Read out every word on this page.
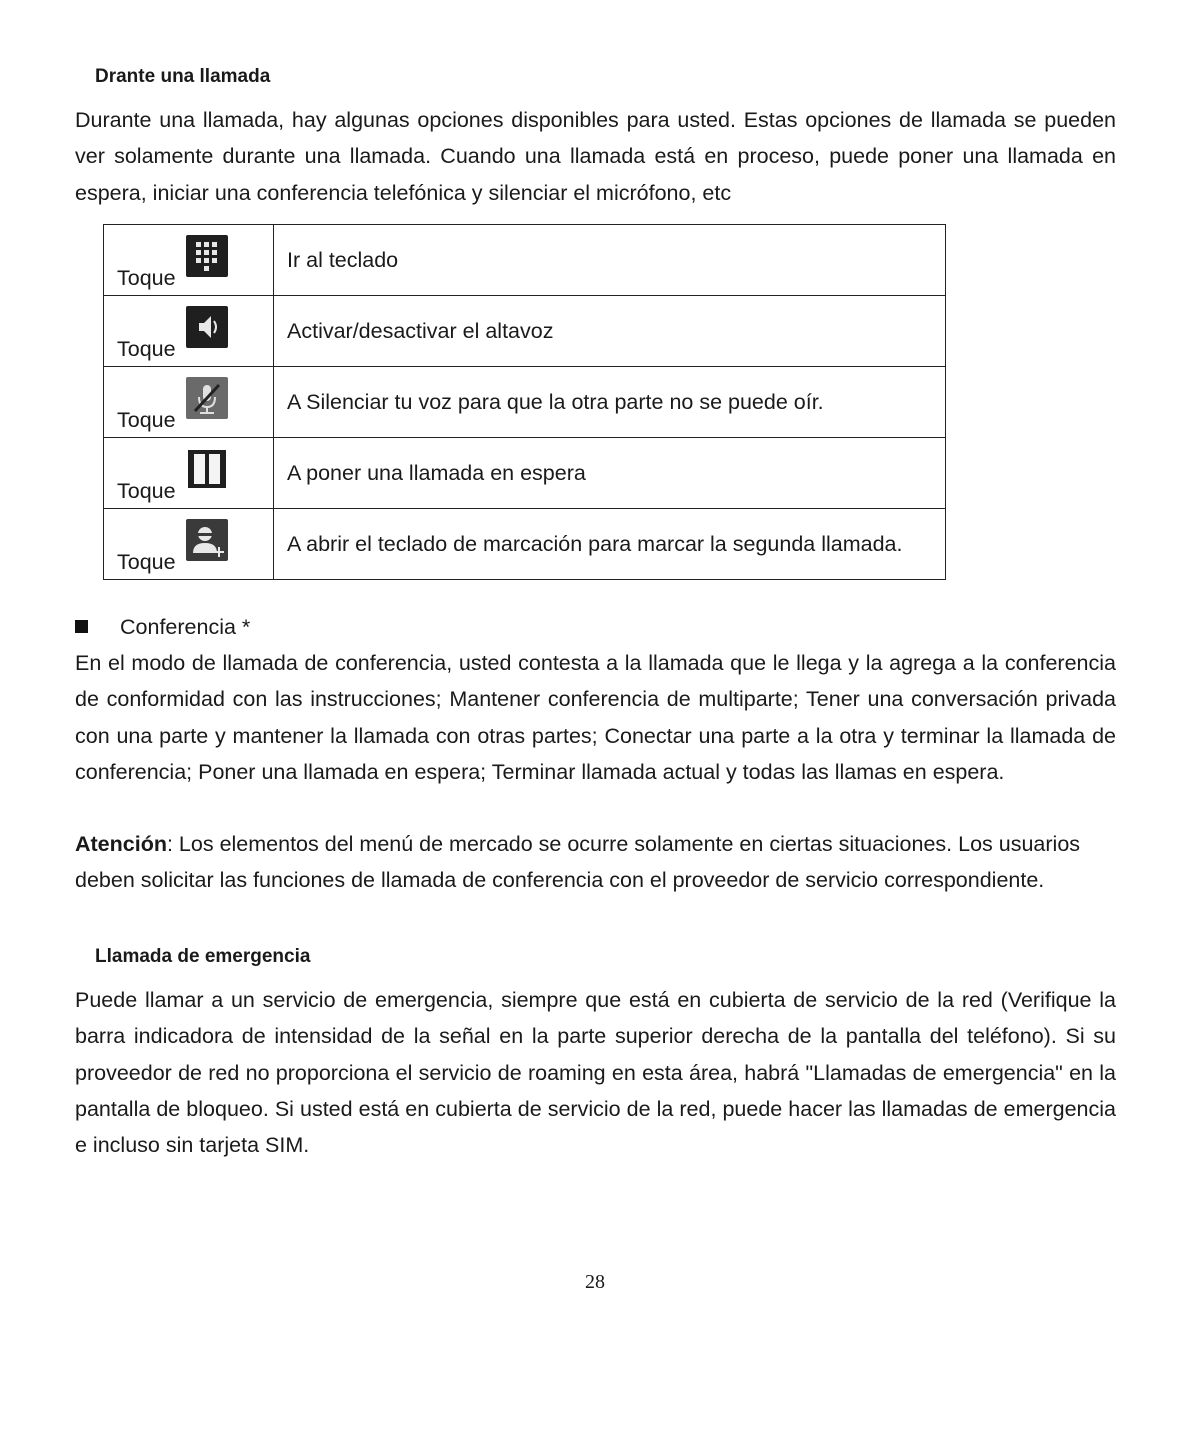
Drante una llamada

Durante una llamada, hay algunas opciones disponibles para usted. Estas opciones de llamada se pueden ver solamente durante una llamada. Cuando una llamada está en proceso, puede poner una llamada en espera, iniciar una conferencia telefónica y silenciar el micrófono, etc

Toque	Ir al teclado

Toque	Activar/desactivar el altavoz

Toque	A Silenciar tu voz para que la otra parte no se puede oír.

Toque	A poner una llamada en espera

Toque	A abrir el teclado de marcación para marcar la segunda llamada.

Conferencia *

En el modo de llamada de conferencia, usted contesta a la llamada que le llega y la agrega a la conferencia de conformidad con las instrucciones; Mantener conferencia de multiparte; Tener una conversación privada con una parte y mantener la llamada con otras partes; Conectar una parte a la otra y terminar la llamada de conferencia; Poner una llamada en espera; Terminar llamada actual y todas las llamas en espera.

Atención: Los elementos del menú de mercado se ocurre solamente en ciertas situaciones. Los usuarios deben solicitar las funciones de llamada de conferencia con el proveedor de servicio correspondiente.

Llamada de emergencia

Puede llamar a un servicio de emergencia, siempre que está en cubierta de servicio de la red (Verifique la barra indicadora de intensidad de la señal en la parte superior derecha de la pantalla del teléfono). Si su proveedor de red no proporciona el servicio de roaming en esta área, habrá "Llamadas de emergencia" en la pantalla de bloqueo. Si usted está en cubierta de servicio de la red, puede hacer las llamadas de emergencia e incluso sin tarjeta SIM.

28
